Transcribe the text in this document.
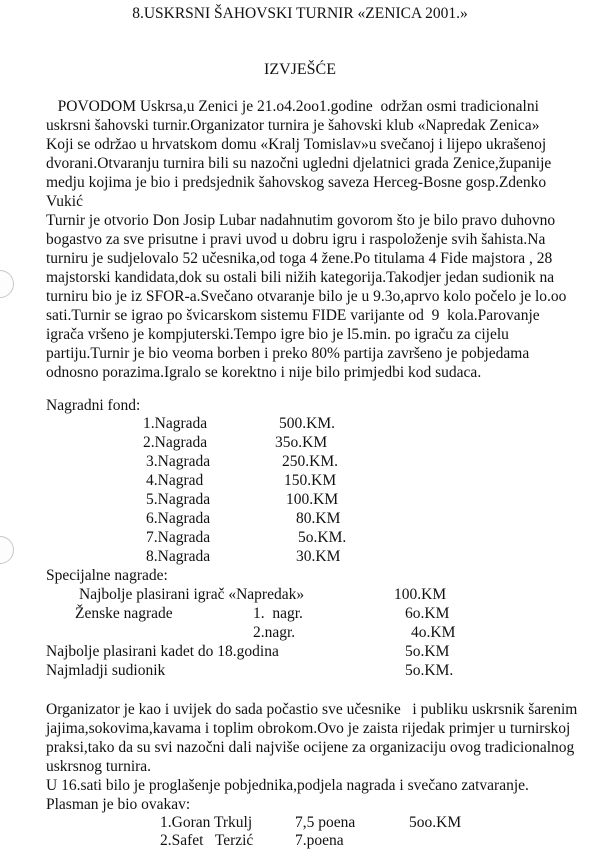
8.USKRSNI ŠAHOVSKI TURNIR «ZENICA 2001.»
IZVJEŠĆE
POVODOM Uskrsa,u Zenici je 21.o4.2oo1.godine  održan osmi tradicionalni
uskrsni šahovski turnir.Organizator turnira je šahovski klub «Napredak Zenica»
Koji se održao u hrvatskom domu «Kralj Tomislav»u svečanoj i lijepo ukrašenoj
dvorani.Otvaranju turnira bili su nazočni ugledni djelatnici grada Zenice,županije
medju kojima je bio i predsjednik šahovskog saveza Herceg-Bosne gosp.Zdenko
Vukić
Turnir je otvorio Don Josip Lubar nadahnutim govorom što je bilo pravo duhovno
bogastvo za sve prisutne i pravi uvod u dobru igru i raspoloženje svih šahista.Na
turniru je sudjelovalo 52 učesnika,od toga 4 žene.Po titulama 4 Fide majstora , 28
majstorski kandidata,dok su ostali bili nižih kategorija.Takodjer jedan sudionik na
turniru bio je iz SFOR-a.Svečano otvaranje bilo je u 9.3o,aprvo kolo počelo je lo.oo
sati.Turnir se igrao po švicarskom sistemu FIDE varijante od  9  kola.Parovanje
igrača vršeno je kompjuterski.Tempo igre bio je l5.min. po igraču za cijelu
partiju.Turnir je bio veoma borben i preko 80% partija završeno je pobjedama
odnosno porazima.Igralo se korektno i nije bilo primjedbi kod sudaca.
Nagradni fond:
1.Nagrada	500.KM.
2.Nagrada	35o.KM
3.Nagrada	250.KM.
4.Nagrad	150.KM
5.Nagrada	100.KM
6.Nagrada	80.KM
7.Nagrada	5o.KM.
8.Nagrada	30.KM
Specijalne nagrade:
Najbolje plasirani igrač «Napredak»	100.KM
Ženske nagrade	1.  nagr.	6o.KM
2.nagr.	4o.KM
Najbolje plasirani kadet do 18.godina	5o.KM
Najmladji sudionik	5o.KM.
Organizator je kao i uvijek do sada počastio sve učesnike   i publiku uskrsnik šarenim
jajima,sokovima,kavama i toplim obrokom.Ovo je zaista rijedak primjer u turnirskoj
praksi,tako da su svi nazočni dali najviše ocijene za organizaciju ovog tradicionalnog
uskrsnog turnira.
U 16.sati bilo je proglašenje pobjednika,podjela nagrada i svečano zatvaranje.
Plasman je bio ovakav:
1.Goran Trkulj	7,5 poena	5oo.KM
2.Safet   Terzić	7.poena
